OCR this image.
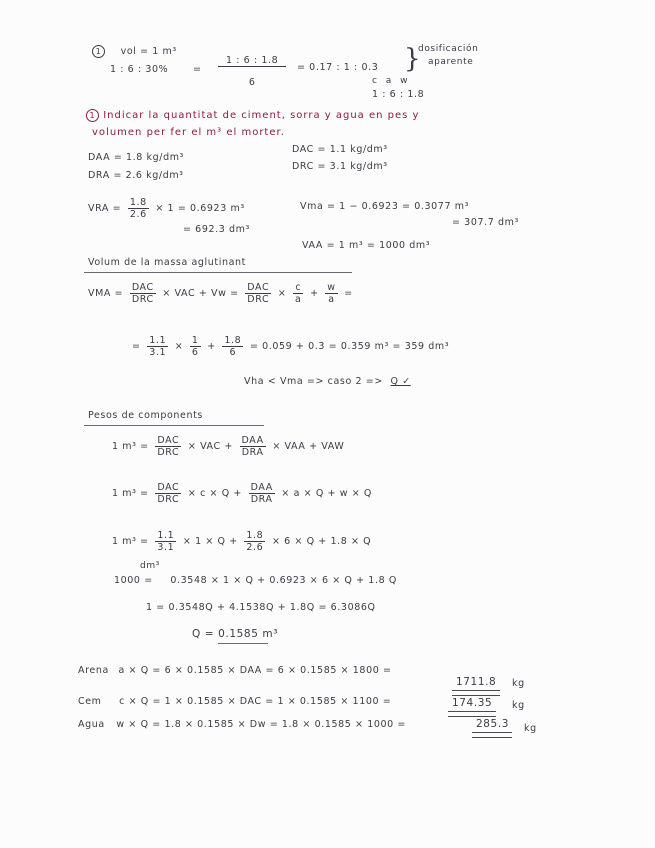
1 vol = 1 m³
1 : 6 : 30%	= $\frac{1 : 6 : 1.8}{6} = 0.17$ : 1 : 0.3 }
dosificación
aparente
c a w
1 : 6 : 1.8
1 Indicar la quantitat de ciment, sorra y agua en pes y
volumen per fer el m³ el morter.
DAA = 1.8 kg/dm³
DRA = 2.6 kg/dm³
DAC = 1.1 kg/dm³
DRC = 3.1 kg/dm³
VRA = $\frac{1.8}{2.6} \times 1 = 0.6923$ m³
= 692.3 dm³
Vma = 1 − 0.6923 = 0.3077 m³
= 307.7 dm³
VAA = 1 m³ = 1000 dm³
Volum de la massa aglutinant
VMA = $\frac{\text{DAC}}{\text{DRC}}$ × VAC + $Vw = \frac{\text{DAC}}{\text{DRC}} \times \frac{c}{a} + \frac{w}{a}$ =
= $\frac{1.1}{3.1} \times \frac{1}{6} + \frac{1.8}{6} = 0.059 + 0.3 = 0.359$ m³ = 359 dm³
Vha < Vma => caso 2 => Q ✓
Pesos de components
1 $m^3 = \frac{\text{DAC}}{\text{DRC}}$ × VAC + $\frac{\text{DAA}}{\text{DRA}}$ × VAA + VAW
1 $m^3 = \frac{\text{DAC}}{\text{DRC}} \times c \times Q + \frac{\text{DAA}}{\text{DRA}} \times a \times Q + w \times Q$
1 $m^3 = \frac{1.1}{3.1} \times 1 \times Q + \frac{1.8}{2.6} \times 6 \times Q + 1.8 \times Q$
dm³
1000 = 0.3548 × 1 × Q + 0.6923 × 6 × Q + 1.8 Q
1 = 0.3548Q + 4.1538Q + 1.8Q = 6.3086Q
Q = 0.1585 m³
Arena a × Q = 6 × 0.1585 × DAA = 6 × 0.1585 × 1800 =
1711.8 kg
Cem c × Q = 1 × 0.1585 × DAC = 1 × 0.1585 × 1100 =	174.35 kg
Agua w × Q = 1.8 × 0.1585 × Dw = 1.8 × 0.1585 × 1000 =	285.3 kg
